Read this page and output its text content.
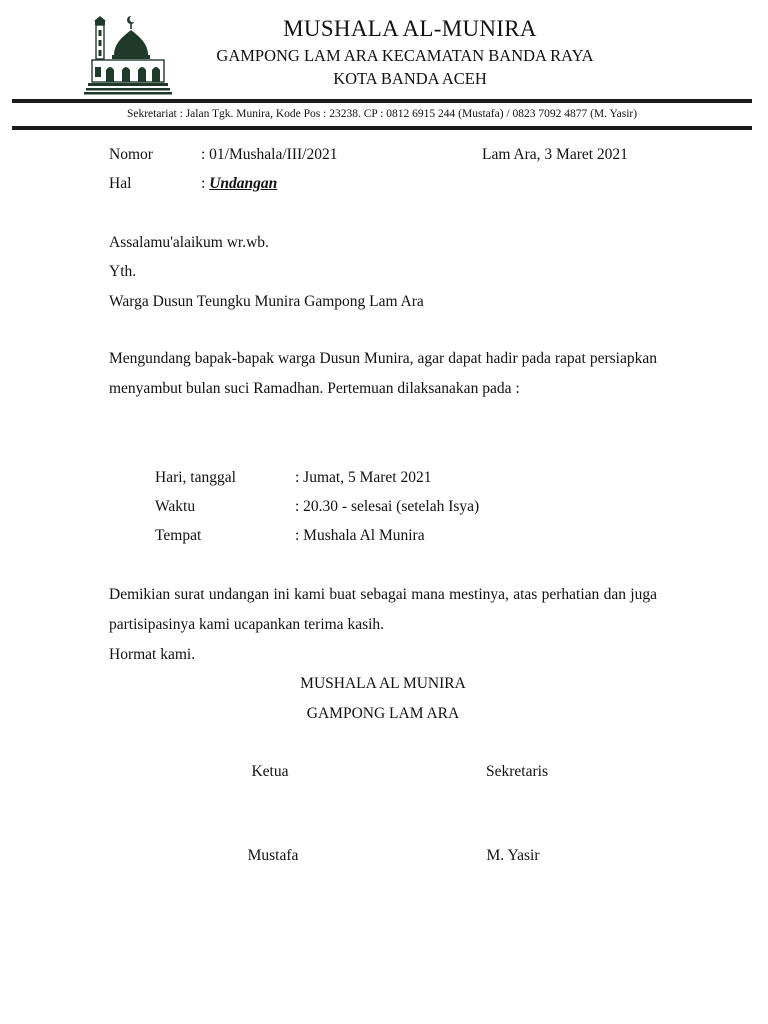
MUSHALA AL-MUNIRA
GAMPONG LAM ARA KECAMATAN BANDA RAYA
KOTA BANDA ACEH
Sekretariat : Jalan Tgk. Munira, Kode Pos : 23238. CP : 0812 6915 244 (Mustafa) / 0823 7092 4877 (M. Yasir)
Nomor	: 01/Mushala/III/2021	Lam Ara, 3 Maret 2021
Hal	: Undangan
Assalamu'alaikum wr.wb.
Yth.
Warga Dusun Teungku Munira Gampong Lam Ara
Mengundang bapak-bapak warga Dusun Munira, agar dapat hadir pada rapat persiapkan menyambut bulan suci Ramadhan. Pertemuan dilaksanakan pada :
Hari, tanggal	: Jumat, 5 Maret 2021
Waktu	: 20.30 - selesai (setelah Isya)
Tempat	: Mushala Al Munira
Demikian surat undangan ini kami buat sebagai mana mestinya, atas perhatian dan juga partisipasinya kami ucapankan terima kasih.
Hormat kami.
MUSHALA AL MUNIRA
GAMPONG LAM ARA
Ketua	Sekretaris
Mustafa	M. Yasir
